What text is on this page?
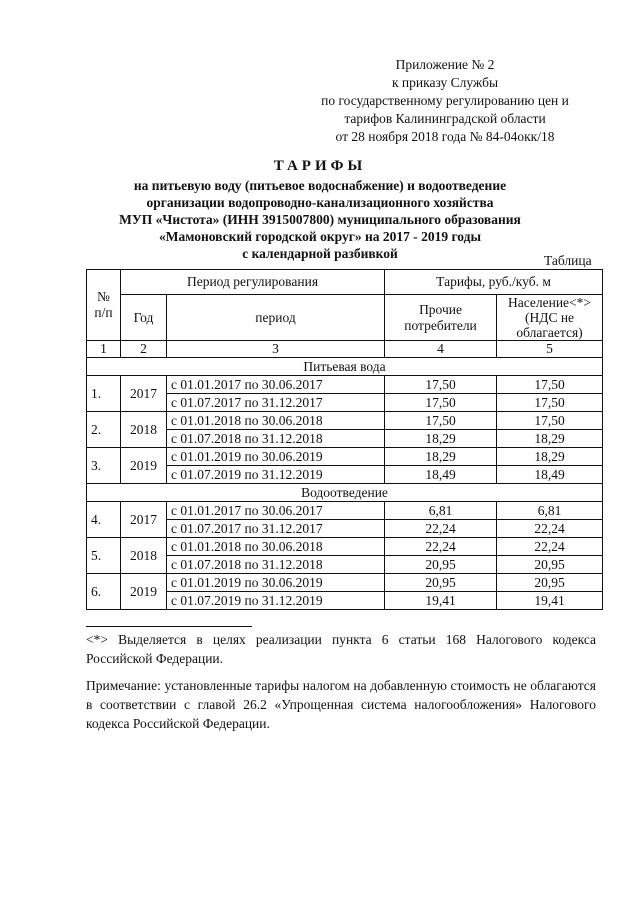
Приложение № 2
к приказу Службы
по государственному регулированию цен и
тарифов Калининградской области
от 28 ноября 2018 года № 84-04окк/18
ТАРИФЫ
на питьевую воду (питьевое водоснабжение) и водоотведение
организации водопроводно-канализационного хозяйства
МУП «Чистота» (ИНН 3915007800) муниципального образования
«Мамоновский городской округ» на 2017 - 2019 годы
с календарной разбивкой	Таблица
№ п/п	Период регулирования		Тарифы, руб./куб. м	
	Год	период	Прочие потребители	Население<*> (НДС не облагается)
1	2	3	4	5
Питьевая вода				
1.	2017	с 01.01.2017 по 30.06.2017	17,50	17,50
		с 01.07.2017 по 31.12.2017	17,50	17,50
2.	2018	с 01.01.2018 по 30.06.2018	17,50	17,50
		с 01.07.2018 по 31.12.2018	18,29	18,29
3.	2019	с 01.01.2019 по 30.06.2019	18,29	18,29
		с 01.07.2019 по 31.12.2019	18,49	18,49
Водоотведение				
4.	2017	с 01.01.2017 по 30.06.2017	6,81	6,81
		с 01.07.2017 по 31.12.2017	22,24	22,24
5.	2018	с 01.01.2018 по 30.06.2018	22,24	22,24
		с 01.07.2018 по 31.12.2018	20,95	20,95
6.	2019	с 01.01.2019 по 30.06.2019	20,95	20,95
		с 01.07.2019 по 31.12.2019	19,41	19,41

<*> Выделяется в целях реализации пункта 6 статьи 168 Налогового кодекса Российской Федерации.

Примечание: установленные тарифы налогом на добавленную стоимость не облагаются в соответствии с главой 26.2 «Упрощенная система налогообложения» Налогового кодекса Российской Федерации.
